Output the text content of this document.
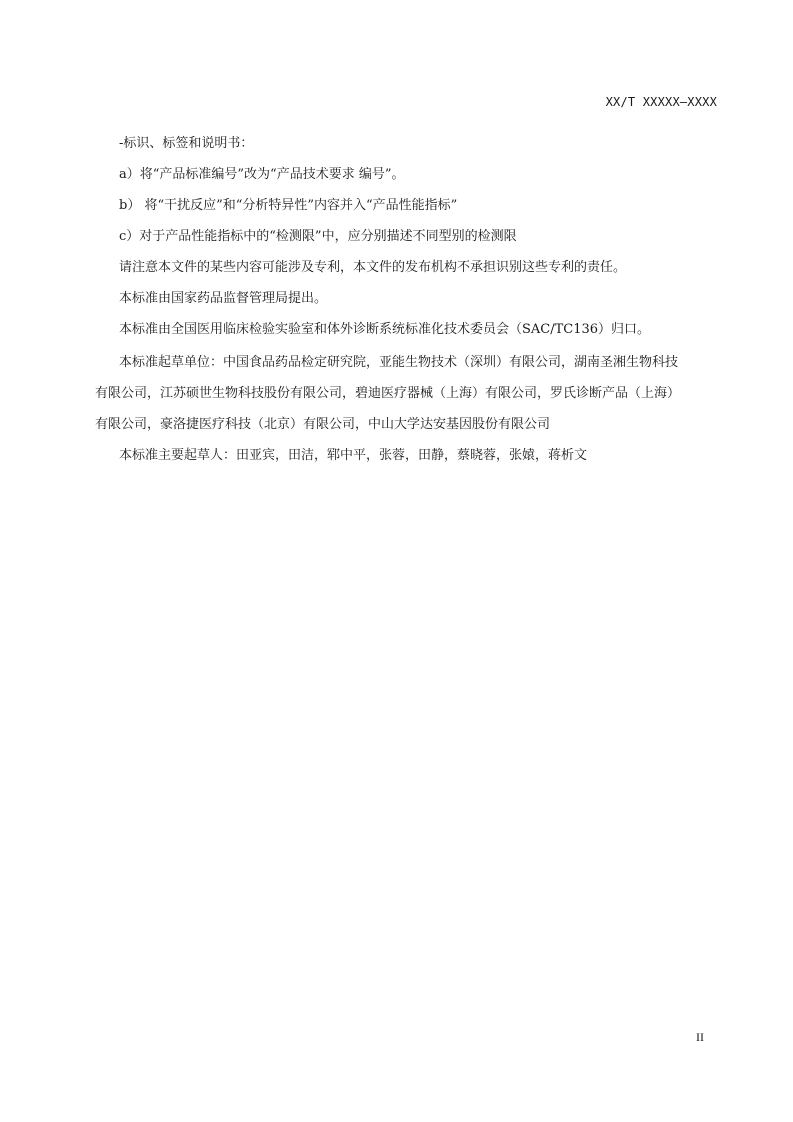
XX/T XXXXX—XXXX
-标识、标签和说明书：
a）将“产品标准编号”改为“产品技术要求 编号”。
b） 将“干扰反应”和“分析特异性”内容并入“产品性能指标”
c）对于产品性能指标中的“检测限”中，应分别描述不同型别的检测限
请注意本文件的某些内容可能涉及专利，本文件的发布机构不承担识别这些专利的责任。
本标准由国家药品监督管理局提出。
本标准由全国医用临床检验实验室和体外诊断系统标准化技术委员会（SAC/TC136）归口。
本标准起草单位：中国食品药品检定研究院，亚能生物技术（深圳）有限公司，湖南圣湘生物科技
有限公司，江苏硕世生物科技股份有限公司，碧迪医疗器械（上海）有限公司，罗氏诊断产品（上海）
有限公司，豪洛捷医疗科技（北京）有限公司，中山大学达安基因股份有限公司
本标准主要起草人：田亚宾，田洁，郓中平，张蓉，田静，蔡晓蓉，张媴，蒋析文
II
